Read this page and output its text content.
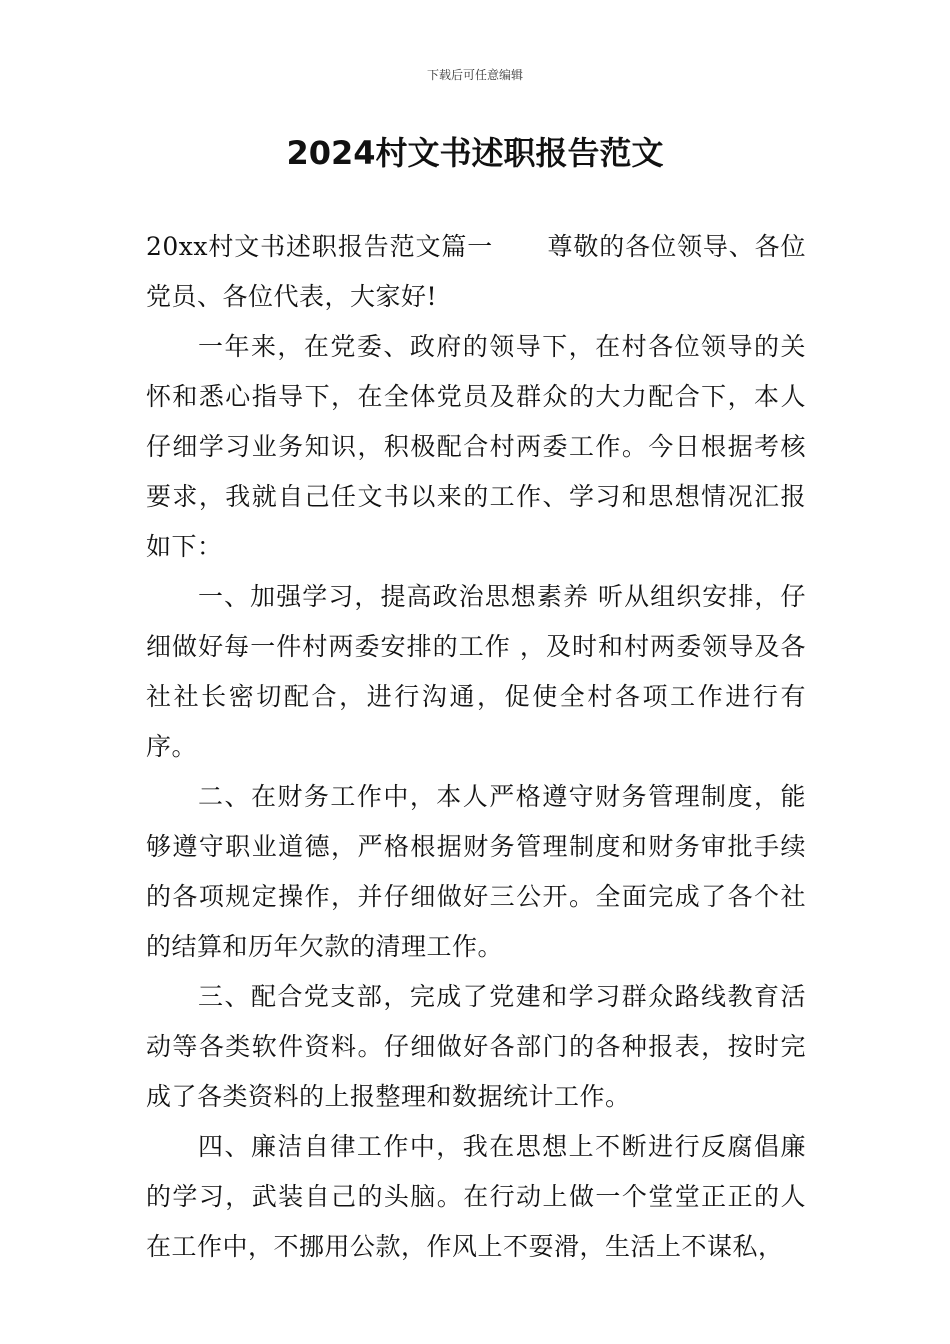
下载后可任意编辑
2024村文书述职报告范文

20xx村文书述职报告范文篇一 尊敬的各位领导、各位党员、各位代表，大家好!

一年来，在党委、政府的领导下，在村各位领导的关怀和悉心指导下，在全体党员及群众的大力配合下，本人仔细学习业务知识，积极配合村两委工作。今日根据考核要求，我就自己任文书以来的工作、学习和思想情况汇报如下：

一、加强学习，提高政治思想素养 听从组织安排，仔细做好每一件村两委安排的工作 ，及时和村两委领导及各社社长密切配合，进行沟通，促使全村各项工作进行有序。

二、在财务工作中，本人严格遵守财务管理制度，能够遵守职业道德，严格根据财务管理制度和财务审批手续的各项规定操作，并仔细做好三公开。全面完成了各个社的结算和历年欠款的清理工作。

三、配合党支部，完成了党建和学习群众路线教育活动等各类软件资料。仔细做好各部门的各种报表，按时完成了各类资料的上报整理和数据统计工作。

四、廉洁自律工作中，我在思想上不断进行反腐倡廉的学习，武装自己的头脑。在行动上做一个堂堂正正的人在工作中，不挪用公款，作风上不耍滑，生活上不谋私，
